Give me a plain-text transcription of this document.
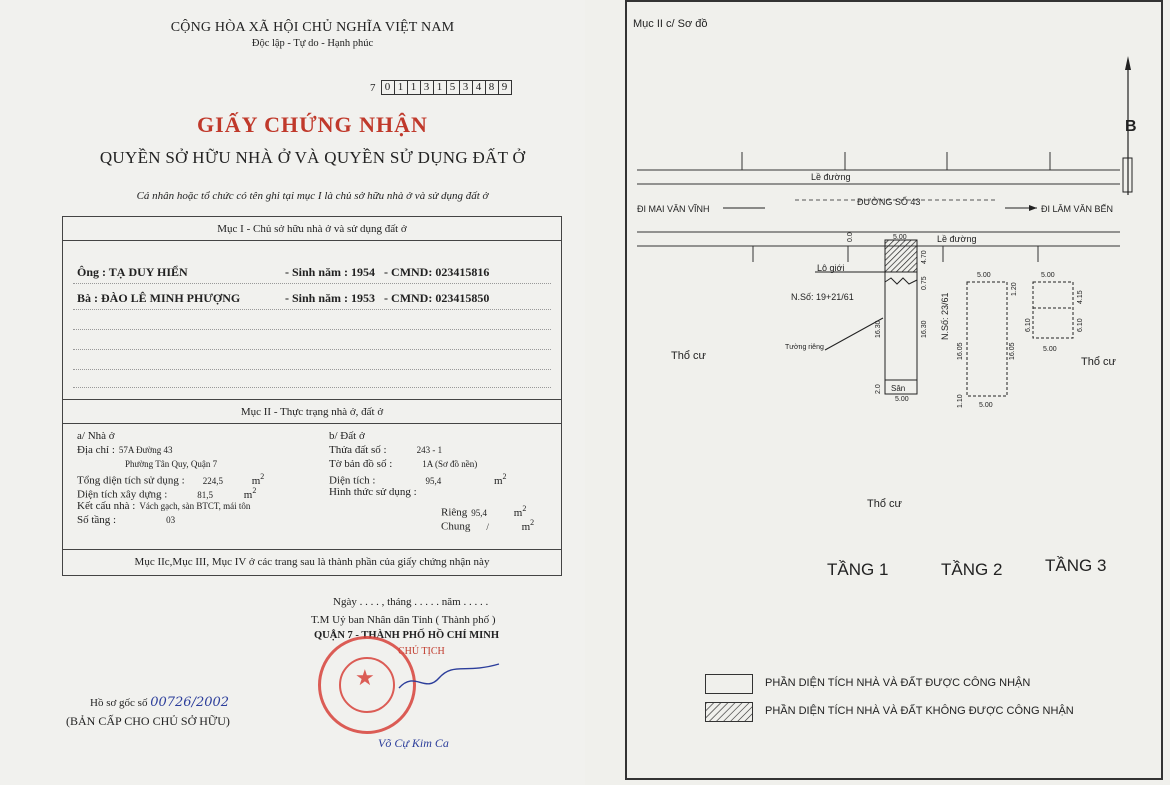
CỘNG HÒA XÃ HỘI CHỦ NGHĨA VIỆT NAM
Độc lập - Tự do - Hạnh phúc
7 0 1 1 3 1 5 3 4 8 9
GIẤY CHỨNG NHẬN
QUYỀN SỞ HỮU NHÀ Ở VÀ QUYỀN SỬ DỤNG ĐẤT Ở
Cá nhân hoặc tổ chức có tên ghi tại mục I là chủ sở hữu nhà ở và sử dụng đất ở
Mục I - Chủ sở hữu nhà ở và sử dụng đất ở
Ông : TẠ DUY HIỂN	- Sinh năm : 1954 - CMND: 023415816
Bà : ĐÀO LÊ MINH PHƯỢNG	- Sinh năm : 1953 - CMND: 023415850
Mục II - Thực trạng nhà ở, đất ở
a/ Nhà ở
Địa chỉ : 57A Đường 43
Phường Tân Quy, Quận 7
Tổng diện tích sử dụng : 224,5	$m^2$
Diện tích xây dựng :	81,5	$m^2$
Kết cấu nhà : Vách gạch, sàn BTCT, mái tôn
Số tầng :	03
b/ Đất ở
Thửa đất số :	243 - 1
Tờ bản đồ số :	1A (Sơ đồ nền)
Diện tích :	95,4	$m^2$
Hình thức sử dụng :
Riêng 95,4 $m^2$
Chung /	$m^2$
Mục IIc,Mục III, Mục IV ở các trang sau là thành phần của giấy chứng nhận này
Ngày . . . . , tháng . . . . . năm . . . . .
T.M Uỷ ban Nhân dân Tỉnh ( Thành phố )
QUẬN 7 - THÀNH PHỐ HỒ CHÍ MINH
CHỦ TỊCH
★
Hồ sơ gốc số 00726/2002
(BẢN CẤP CHO CHỦ SỞ HỮU)
Võ Cự Kim Ca
Mục II c/ Sơ đồ
B
Lề đường
ĐI MAI VĂN VĨNH
ĐƯỜNG SỐ 43
ĐI LÂM VĂN BẾN
Lề đường
Lộ giới
N.Số: 19+21/61	N.Số: 23/61
Tường riêng
Thổ cư	Thổ cư
Thổ cư
Sân
5.00
5.00
5.00
5.00
5.00
5.00
16.30	16.30
16.05	16.05
6.10	6.10
4.15
1.20
1.10
2.0
4.70
0.0
0.75
TẦNG 1	TẦNG 2	TẦNG 3
PHẦN DIỆN TÍCH NHÀ VÀ ĐẤT ĐƯỢC CÔNG NHẬN
PHẦN DIỆN TÍCH NHÀ VÀ ĐẤT KHÔNG ĐƯỢC CÔNG NHẬN
